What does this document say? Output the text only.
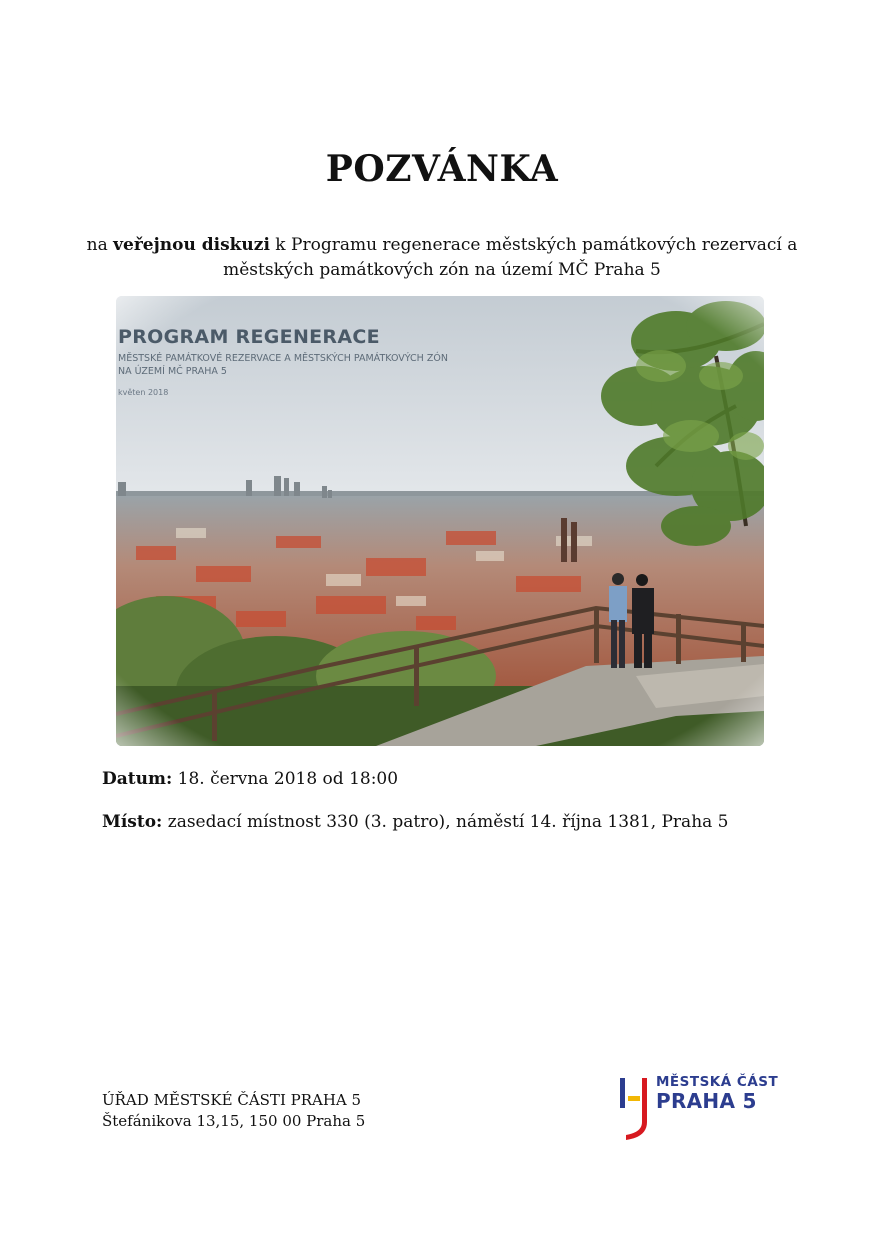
POZVÁNKA

na veřejnou diskuzi k Programu regenerace městských památkových rezervací a městských památkových zón na území MČ Praha 5

PROGRAM REGENERACE
MĚSTSKÉ PAMÁTKOVÉ REZERVACE A MĚSTSKÝCH PAMÁTKOVÝCH ZÓN
NA ÚZEMÍ MČ PRAHA 5
květen 2018

Datum: 18. června 2018 od 18:00

Místo: zasedací místnost 330 (3. patro), náměstí 14. října 1381, Praha 5

ÚŘAD MĚSTSKÉ ČÁSTI PRAHA 5
Štefánikova 13,15, 150 00 Praha 5
MĚSTSKÁ ČÁST
PRAHA 5
